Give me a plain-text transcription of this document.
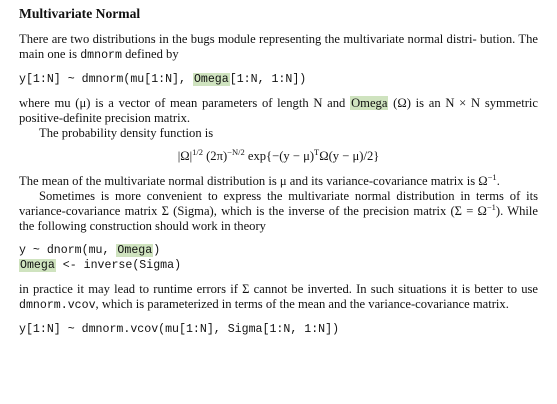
Multivariate Normal

There are two distributions in the bugs module representing the multivariate normal distri- bution. The main one is dmnorm defined by

y[1:N] ~ dmnorm(mu[1:N], Omega[1:N, 1:N])

where mu (μ) is a vector of mean parameters of length N and Omega (Ω) is an N × N symmetric positive-definite precision matrix.

The probability density function is

$|\Omega|^{1/2}$ $(2\pi)^{-N/2}$ $\exp\{-(y - \mu)^T\Omega(y - \mu)/2\}$

The mean of the multivariate normal distribution is μ and its variance-covariance matrix is $\Omega^{-1}$.

Sometimes is more convenient to express the multivariate normal distribution in terms of its variance-covariance matrix Σ (Sigma), which is the inverse of the precision matrix $(\Sigma = \Omega^{-1})$. While the following construction should work in theory

y ~ dnorm(mu, Omega)
Omega <- inverse(Sigma)

in practice it may lead to runtime errors if Σ cannot be inverted. In such situations it is better to use dmnorm.vcov, which is parameterized in terms of the mean and the variance-covariance matrix.

y[1:N] ~ dmnorm.vcov(mu[1:N], Sigma[1:N, 1:N])
